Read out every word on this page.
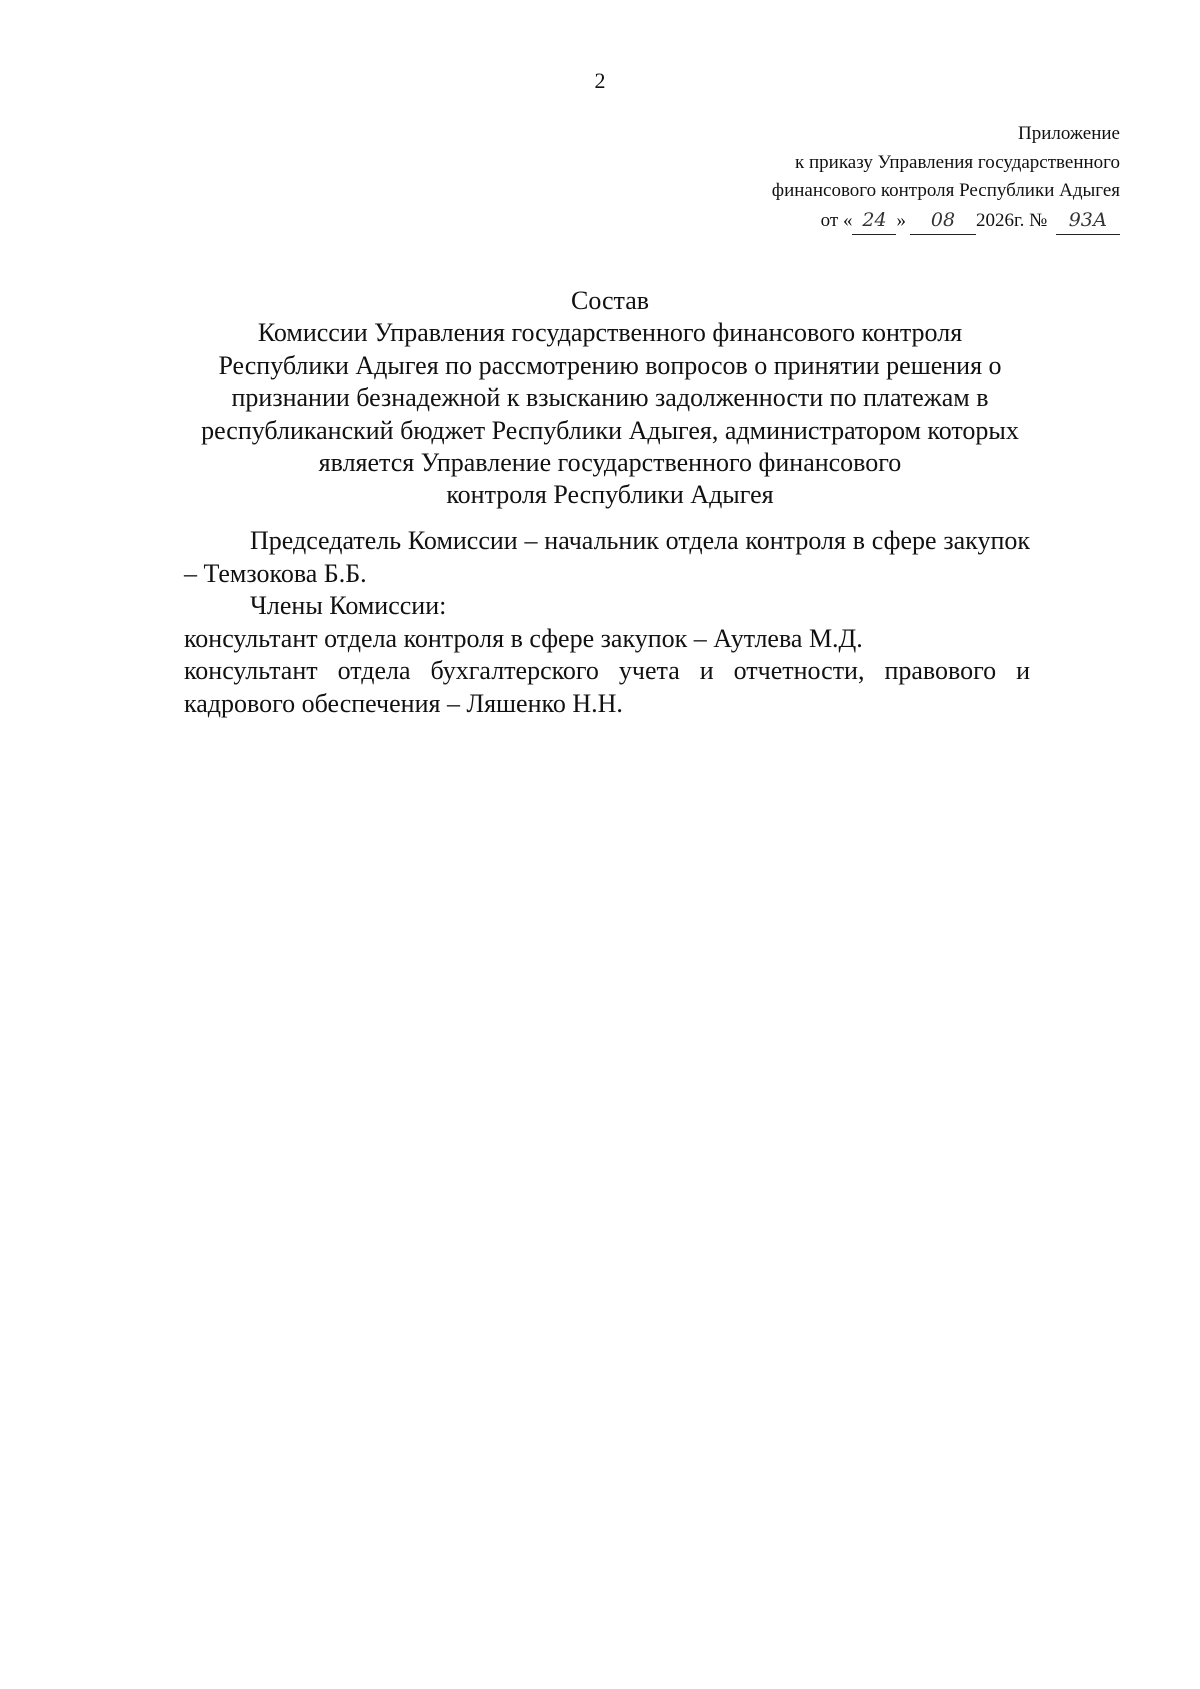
2
Приложение
к приказу Управления государственного
финансового контроля Республики Адыгея
от « 24 » 08 2026г. № 93А
Состав
Комиссии Управления государственного финансового контроля
Республики Адыгея по рассмотрению вопросов о принятии решения о
признании безнадежной к взысканию задолженности по платежам в
республиканский бюджет Республики Адыгея, администратором которых
является Управление государственного финансового
контроля Республики Адыгея

Председатель Комиссии – начальник отдела контроля в сфере закупок – Темзокова Б.Б.

Члены Комиссии:

консультант отдела контроля в сфере закупок – Аутлева М.Д.

консультант отдела бухгалтерского учета и отчетности, правового и кадрового обеспечения – Ляшенко Н.Н.
